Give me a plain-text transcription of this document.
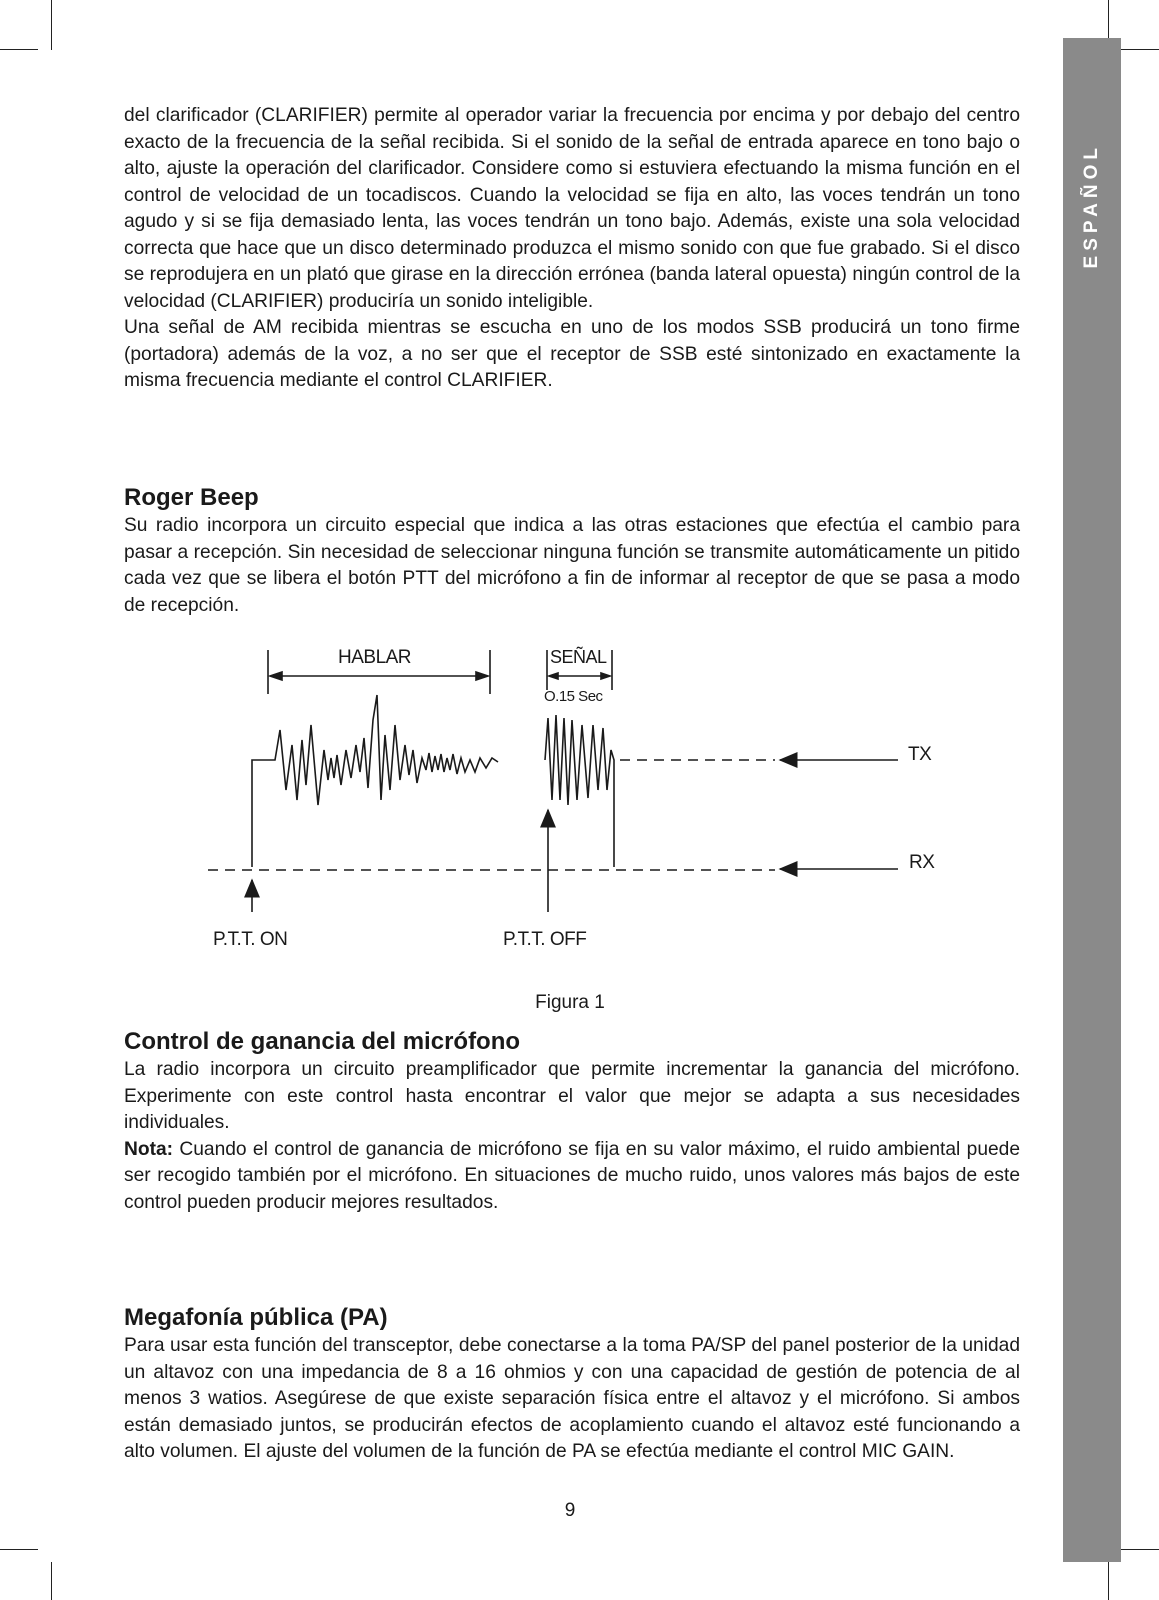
ESPAÑOL

del clarificador (CLARIFIER) permite al operador variar la frecuencia por encima y por debajo del centro exacto de la frecuencia de la señal recibida. Si el sonido de la señal de entrada aparece en tono bajo o alto, ajuste la operación del clarificador. Considere como si estuviera efectuando la misma función en el control de velocidad de un tocadiscos. Cuando la velocidad se fija en alto, las voces tendrán un tono agudo y si se fija demasiado lenta, las voces tendrán un tono bajo. Además, existe una sola velocidad correcta que hace que un disco determinado produzca el mismo sonido con que fue grabado. Si el disco se reprodujera en un plató que girase en la dirección errónea (banda lateral opuesta) ningún control de la velocidad (CLARIFIER) produciría un sonido inteligible.

Una señal de AM recibida mientras se escucha en uno de los modos SSB producirá un tono firme (portadora) además de la voz, a no ser que el receptor de SSB esté sintonizado en exactamente la misma frecuencia mediante el control CLARIFIER.

Roger Beep

Su radio incorpora un circuito especial que indica a las otras estaciones que efectúa el cambio para pasar a recepción. Sin necesidad de seleccionar ninguna función se transmite automáticamente un pitido cada vez que se libera el botón PTT del micrófono a fin de informar al receptor de que se pasa a modo de recepción.

HABLAR	SEÑAL
O.15 Sec
TX
RX
P.T.T. ON	P.T.T. OFF
Figura 1
Control de ganancia del micrófono

La radio incorpora un circuito preamplificador que permite incrementar la ganancia del micrófono. Experimente con este control hasta encontrar el valor que mejor se adapta a sus necesidades individuales.

Nota: Cuando el control de ganancia de micrófono se fija en su valor máximo, el ruido ambiental puede ser recogido también por el micrófono. En situaciones de mucho ruido, unos valores más bajos de este control pueden producir mejores resultados.

Megafonía pública (PA)

Para usar esta función del transceptor, debe conectarse a la toma PA/SP del panel posterior de la unidad un altavoz con una impedancia de 8 a 16 ohmios y con una capacidad de gestión de potencia de al menos 3 watios. Asegúrese de que existe separación física entre el altavoz y el micrófono. Si ambos están demasiado juntos, se producirán efectos de acoplamiento cuando el altavoz esté funcionando a alto volumen. El ajuste del volumen de la función de PA se efectúa mediante el control MIC GAIN.

9
